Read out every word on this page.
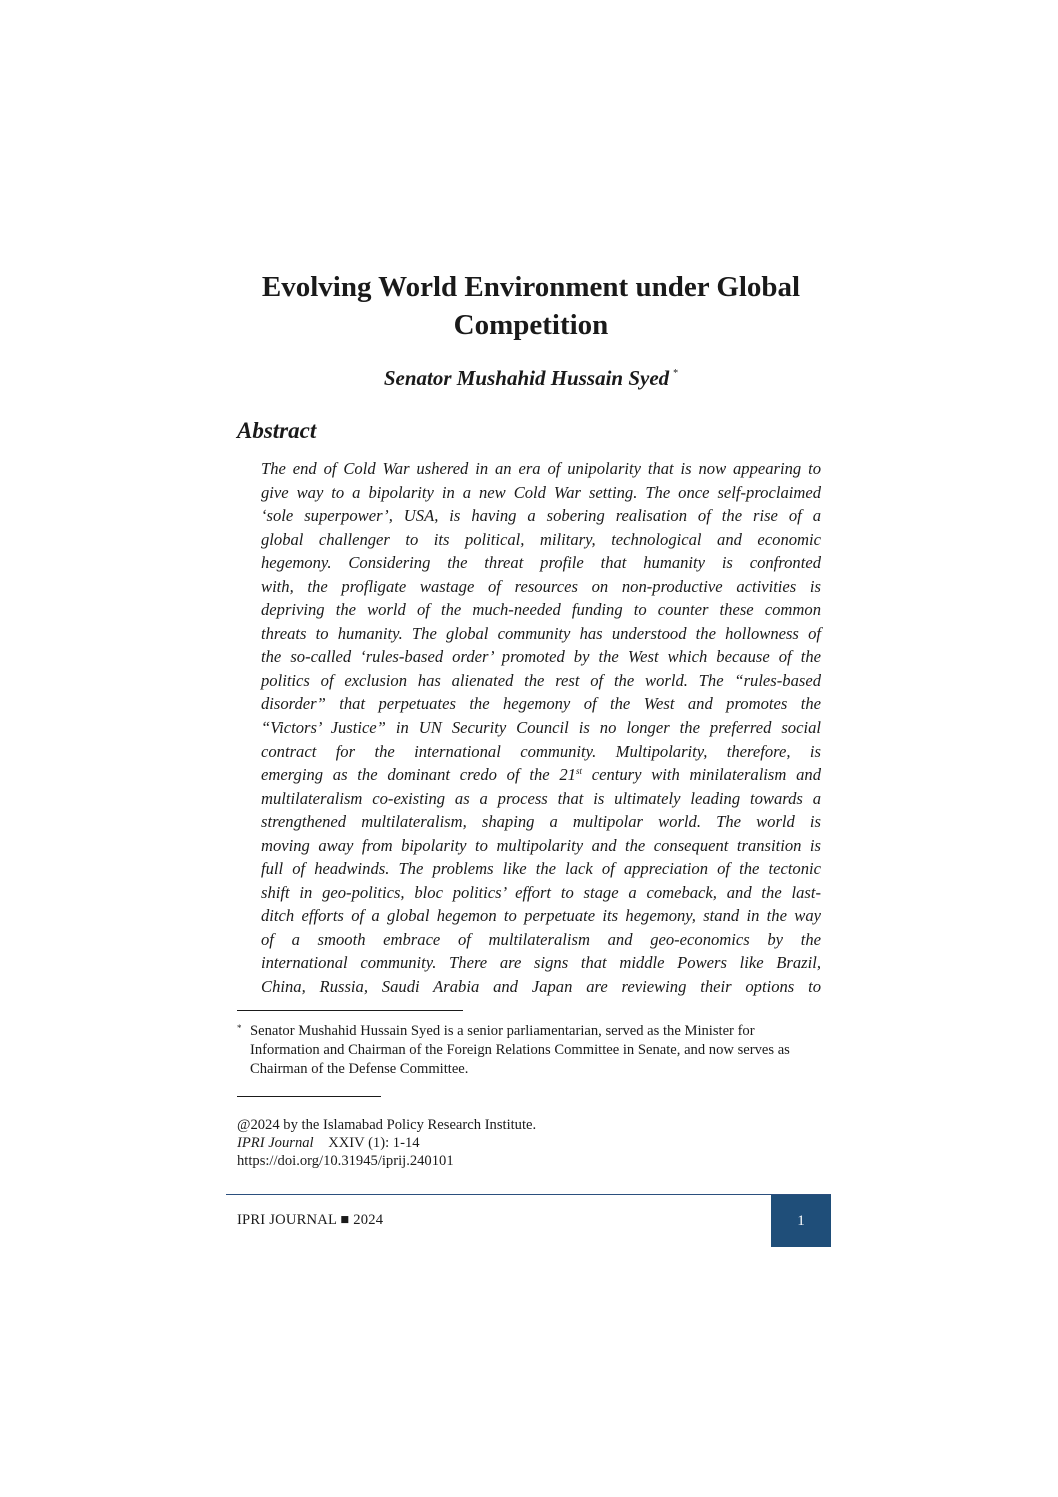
Evolving World Environment under Global Competition
Senator Mushahid Hussain Syed *
Abstract
The end of Cold War ushered in an era of unipolarity that is now appearing to
give way to a bipolarity in a new Cold War setting. The once self-proclaimed
‘sole superpower’, USA, is having a sobering realisation of the rise of a
global challenger to its political, military, technological and economic
hegemony. Considering the threat profile that humanity is confronted
with, the profligate wastage of resources on non-productive activities is
depriving the world of the much-needed funding to counter these common
threats to humanity. The global community has understood the hollowness of
the so-called ‘rules-based order’ promoted by the West which because of the
politics of exclusion has alienated the rest of the world. The “rules-based
disorder” that perpetuates the hegemony of the West and promotes the
“Victors’ Justice” in UN Security Council is no longer the preferred social
contract for the international community. Multipolarity, therefore, is
emerging as the dominant credo of the 21st century with minilateralism and
multilateralism co-existing as a process that is ultimately leading towards a
strengthened multilateralism, shaping a multipolar world. The world is
moving away from bipolarity to multipolarity and the consequent transition is
full of headwinds. The problems like the lack of appreciation of the tectonic
shift in geo-politics, bloc politics’ effort to stage a comeback, and the last-
ditch efforts of a global hegemon to perpetuate its hegemony, stand in the way
of a smooth embrace of multilateralism and geo-economics by the
international community. There are signs that middle Powers like Brazil,
China, Russia, Saudi Arabia and Japan are reviewing their options to
* Senator Mushahid Hussain Syed is a senior parliamentarian, served as the Minister for Information and Chairman of the Foreign Relations Committee in Senate, and now serves as Chairman of the Defense Committee.
@2024 by the Islamabad Policy Research Institute.
IPRI Journal XXIV (1): 1-14
https://doi.org/10.31945/iprij.240101
IPRI JOURNAL ■ 2024	1
